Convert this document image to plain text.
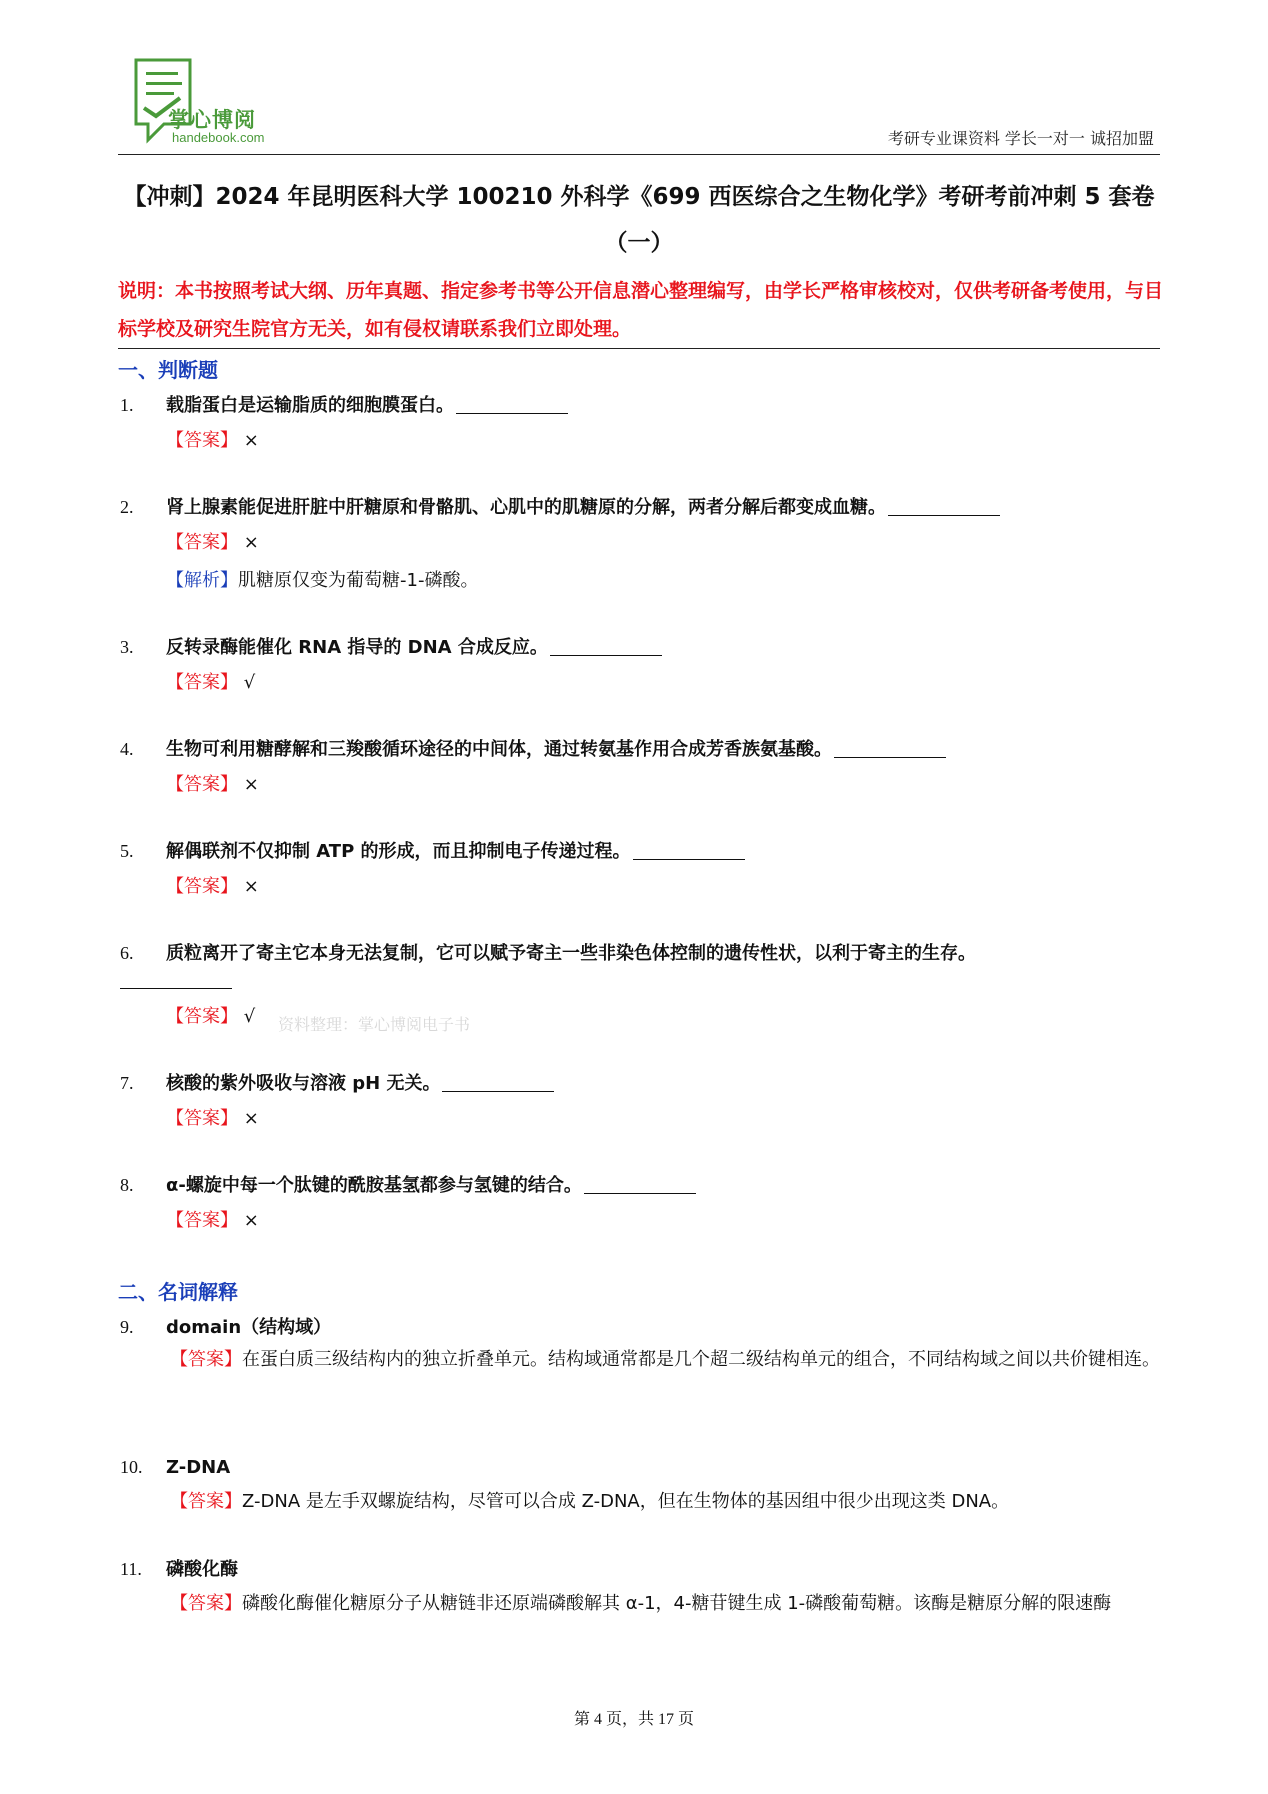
掌心博阅
handebook.com	考研专业课资料 学长一对一 诚招加盟
【冲刺】2024 年昆明医科大学 100210 外科学《699 西医综合之生物化学》考研考前冲刺 5 套卷（一）
说明：本书按照考试大纲、历年真题、指定参考书等公开信息潜心整理编写，由学长严格审核校对，仅供考研备考使用，与目标学校及研究生院官方无关，如有侵权请联系我们立即处理。
一、判断题
1. 载脂蛋白是运输脂质的细胞膜蛋白。
【答案】 ×
2. 肾上腺素能促进肝脏中肝糖原和骨骼肌、心肌中的肌糖原的分解，两者分解后都变成血糖。
【答案】 ×
【解析】肌糖原仅变为葡萄糖-1-磷酸。
3. 反转录酶能催化 RNA 指导的 DNA 合成反应。
【答案】 √
4. 生物可利用糖酵解和三羧酸循环途径的中间体，通过转氨基作用合成芳香族氨基酸。
【答案】 ×
5. 解偶联剂不仅抑制 ATP 的形成，而且抑制电子传递过程。
【答案】 ×
6. 质粒离开了寄主它本身无法复制，它可以赋予寄主一些非染色体控制的遗传性状，以利于寄主的生存。
【答案】 √ 资料整理：掌心博阅电子书
7. 核酸的紫外吸收与溶液 pH 无关。
【答案】 ×
8. α-螺旋中每一个肽键的酰胺基氢都参与氢键的结合。
【答案】 ×
二、名词解释
9. domain（结构域）
【答案】在蛋白质三级结构内的独立折叠单元。结构域通常都是几个超二级结构单元的组合，不同结构域之间以共价键相连。
10. Z-DNA
【答案】Z-DNA 是左手双螺旋结构，尽管可以合成 Z-DNA，但在生物体的基因组中很少出现这类 DNA。
11. 磷酸化酶
【答案】磷酸化酶催化糖原分子从糖链非还原端磷酸解其 α-1，4-糖苷键生成 1-磷酸葡萄糖。该酶是糖原分解的限速酶
第 4 页，共 17 页
